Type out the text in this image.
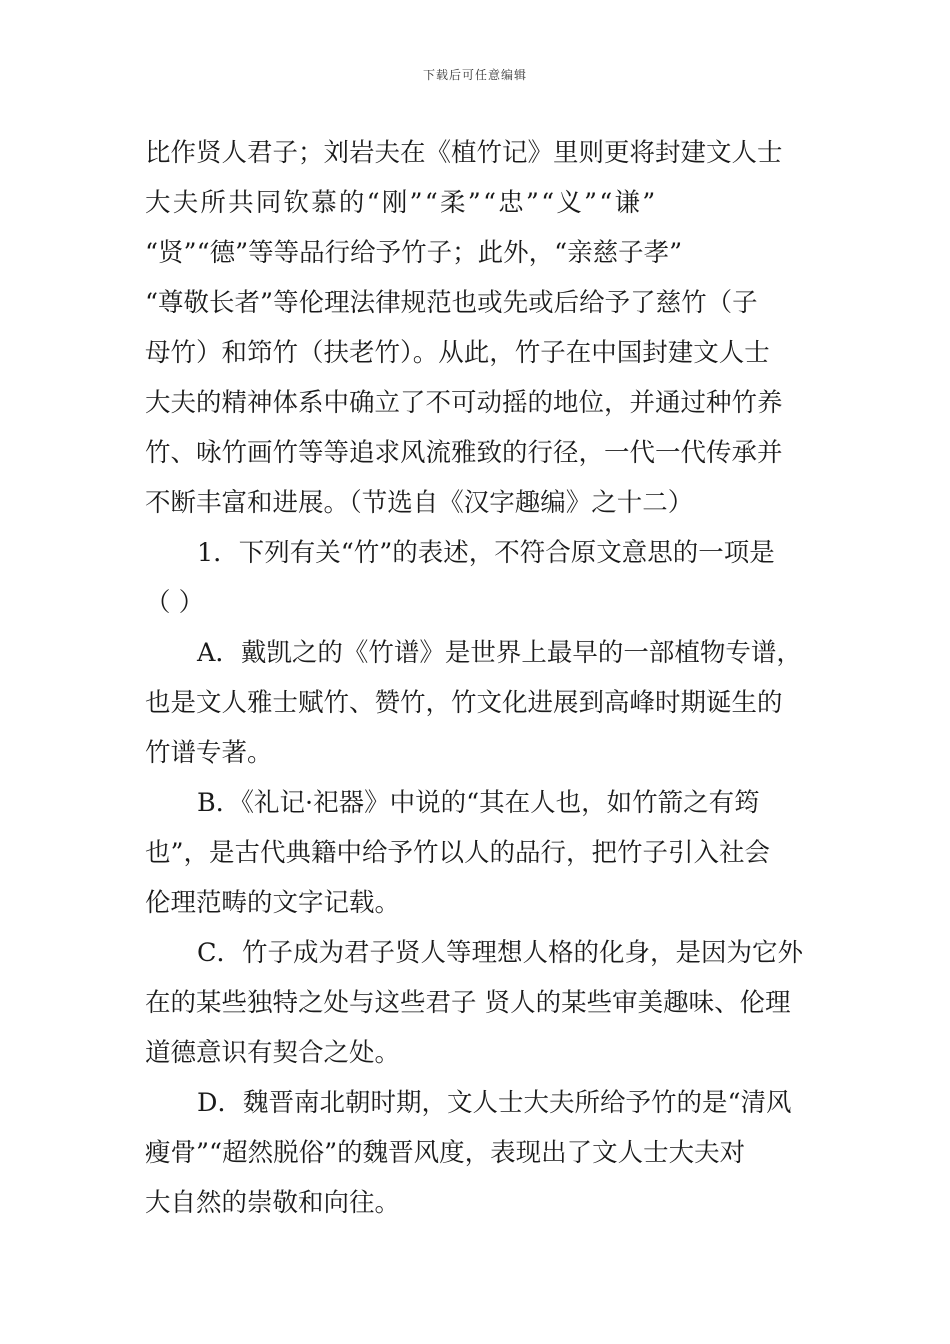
下载后可任意编辑
比作贤人君子；刘岩夫在《植竹记》里则更将封建文人士
大夫所共同钦慕的“刚”“柔”“忠”“义”“谦”
“贤”“德”等等品行给予竹子；此外，“亲慈子孝”
“尊敬长者”等伦理法律规范也或先或后给予了慈竹（子
母竹）和笻竹（扶老竹）。从此，竹子在中国封建文人士
大夫的精神体系中确立了不可动摇的地位，并通过种竹养
竹、咏竹画竹等等追求风流雅致的行径，一代一代传承并
不断丰富和进展。（节选自《汉字趣编》之十二）
1．下列有关“竹”的表述，不符合原文意思的一项是
（ ）
A．戴凯之的《竹谱》是世界上最早的一部植物专谱，
也是文人雅士赋竹、赞竹，竹文化进展到高峰时期诞生的
竹谱专著。
B．《礼记·祀器》中说的“其在人也，如竹箭之有筠
也”，是古代典籍中给予竹以人的品行，把竹子引入社会
伦理范畴的文字记载。
C．竹子成为君子贤人等理想人格的化身，是因为它外
在的某些独特之处与这些君子 贤人的某些审美趣味、伦理
道德意识有契合之处。
D．魏晋南北朝时期，文人士大夫所给予竹的是“清风
瘦骨”“超然脱俗”的魏晋风度，表现出了文人士大夫对
大自然的崇敬和向往。
